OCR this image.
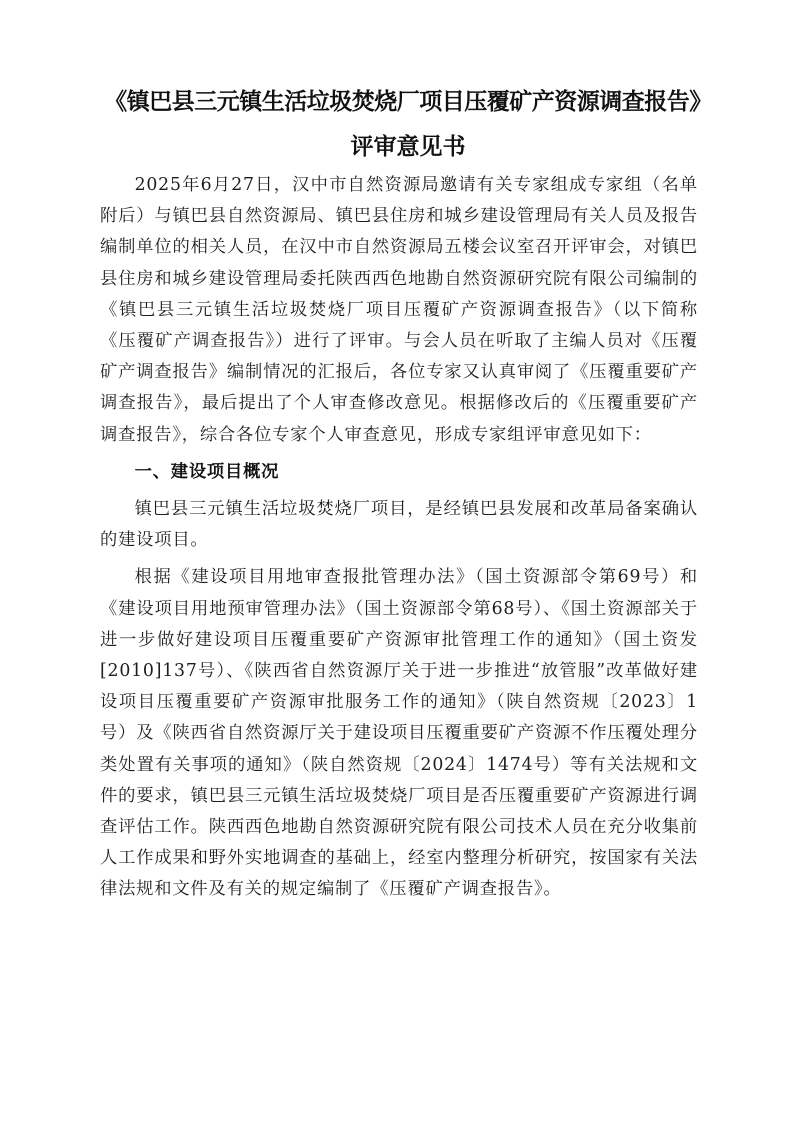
《镇巴县三元镇生活垃圾焚烧厂项目压覆矿产资源调查报告》
评审意见书

2025年6月27日，汉中市自然资源局邀请有关专家组成专家组（名单附后）与镇巴县自然资源局、镇巴县住房和城乡建设管理局有关人员及报告编制单位的相关人员，在汉中市自然资源局五楼会议室召开评审会，对镇巴县住房和城乡建设管理局委托陕西西色地勘自然资源研究院有限公司编制的《镇巴县三元镇生活垃圾焚烧厂项目压覆矿产资源调查报告》（以下简称《压覆矿产调查报告》）进行了评审。与会人员在听取了主编人员对《压覆矿产调查报告》编制情况的汇报后，各位专家又认真审阅了《压覆重要矿产调查报告》，最后提出了个人审查修改意见。根据修改后的《压覆重要矿产调查报告》，综合各位专家个人审查意见，形成专家组评审意见如下：

一、建设项目概况

镇巴县三元镇生活垃圾焚烧厂项目，是经镇巴县发展和改革局备案确认的建设项目。

根据《建设项目用地审查报批管理办法》（国土资源部令第69号）和《建设项目用地预审管理办法》（国土资源部令第68号）、《国土资源部关于进一步做好建设项目压覆重要矿产资源审批管理工作的通知》（国土资发[2010]137号）、《陕西省自然资源厅关于进一步推进“放管服”改革做好建设项目压覆重要矿产资源审批服务工作的通知》（陕自然资规〔2023〕1号）及《陕西省自然资源厅关于建设项目压覆重要矿产资源不作压覆处理分类处置有关事项的通知》（陕自然资规〔2024〕1474号）等有关法规和文件的要求，镇巴县三元镇生活垃圾焚烧厂项目是否压覆重要矿产资源进行调查评估工作。陕西西色地勘自然资源研究院有限公司技术人员在充分收集前人工作成果和野外实地调查的基础上，经室内整理分析研究，按国家有关法律法规和文件及有关的规定编制了《压覆矿产调查报告》。
